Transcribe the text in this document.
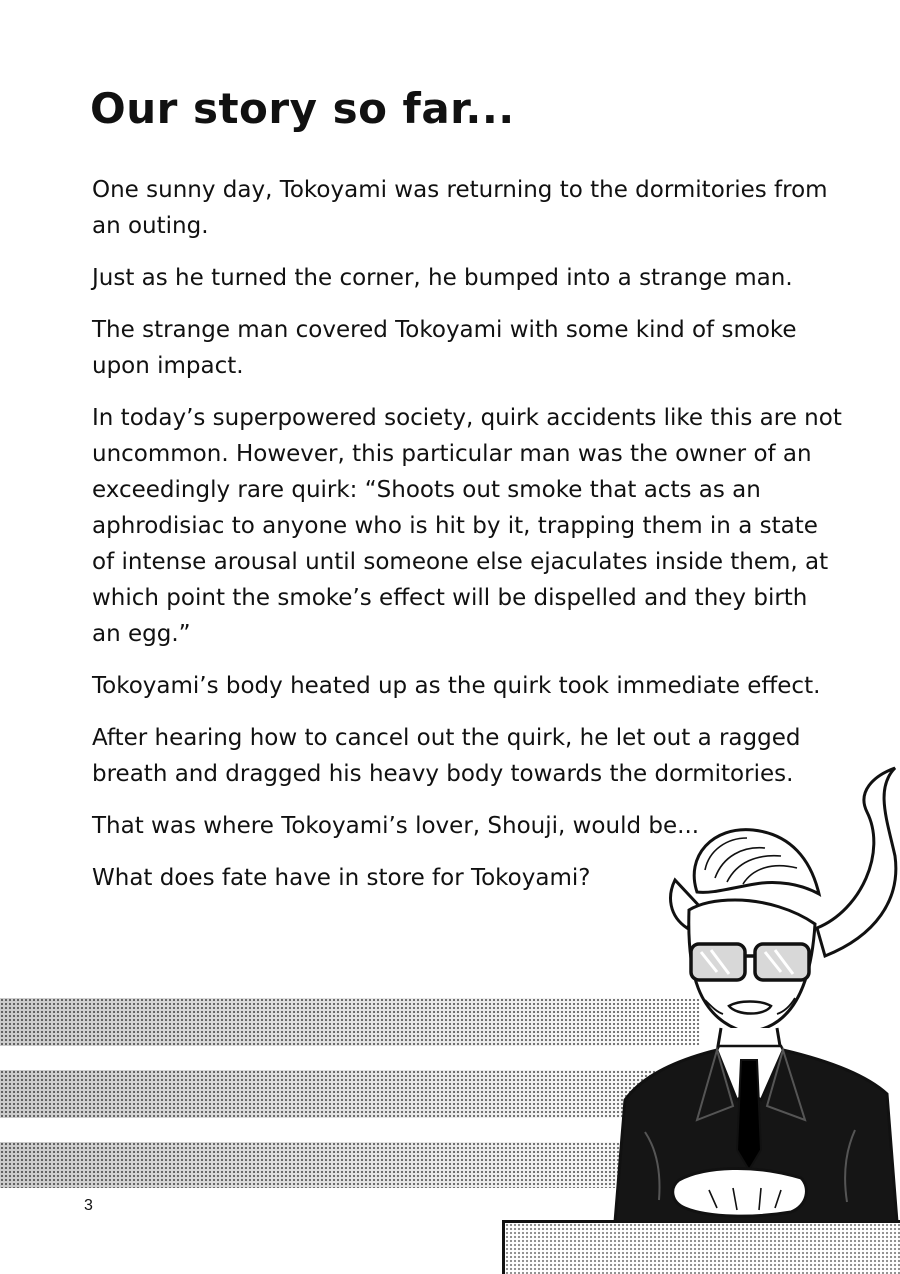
Our story so far...

One sunny day, Tokoyami was returning to the dormitories from an outing.

Just as he turned the corner, he bumped into a strange man.

The strange man covered Tokoyami with some kind of smoke upon impact.

In today’s superpowered society, quirk accidents like this are not uncommon. However, this particular man was the owner of an exceedingly rare quirk: “Shoots out smoke that acts as an aphrodisiac to anyone who is hit by it, trapping them in a state of intense arousal until someone else ejaculates inside them, at which point the smoke’s effect will be dispelled and they birth an egg.”

Tokoyami’s body heated up as the quirk took immediate effect.

After hearing how to cancel out the quirk, he let out a ragged breath and dragged his heavy body towards the dormitories.

That was where Tokoyami’s lover, Shouji, would be...

What does fate have in store for Tokoyami?

3
